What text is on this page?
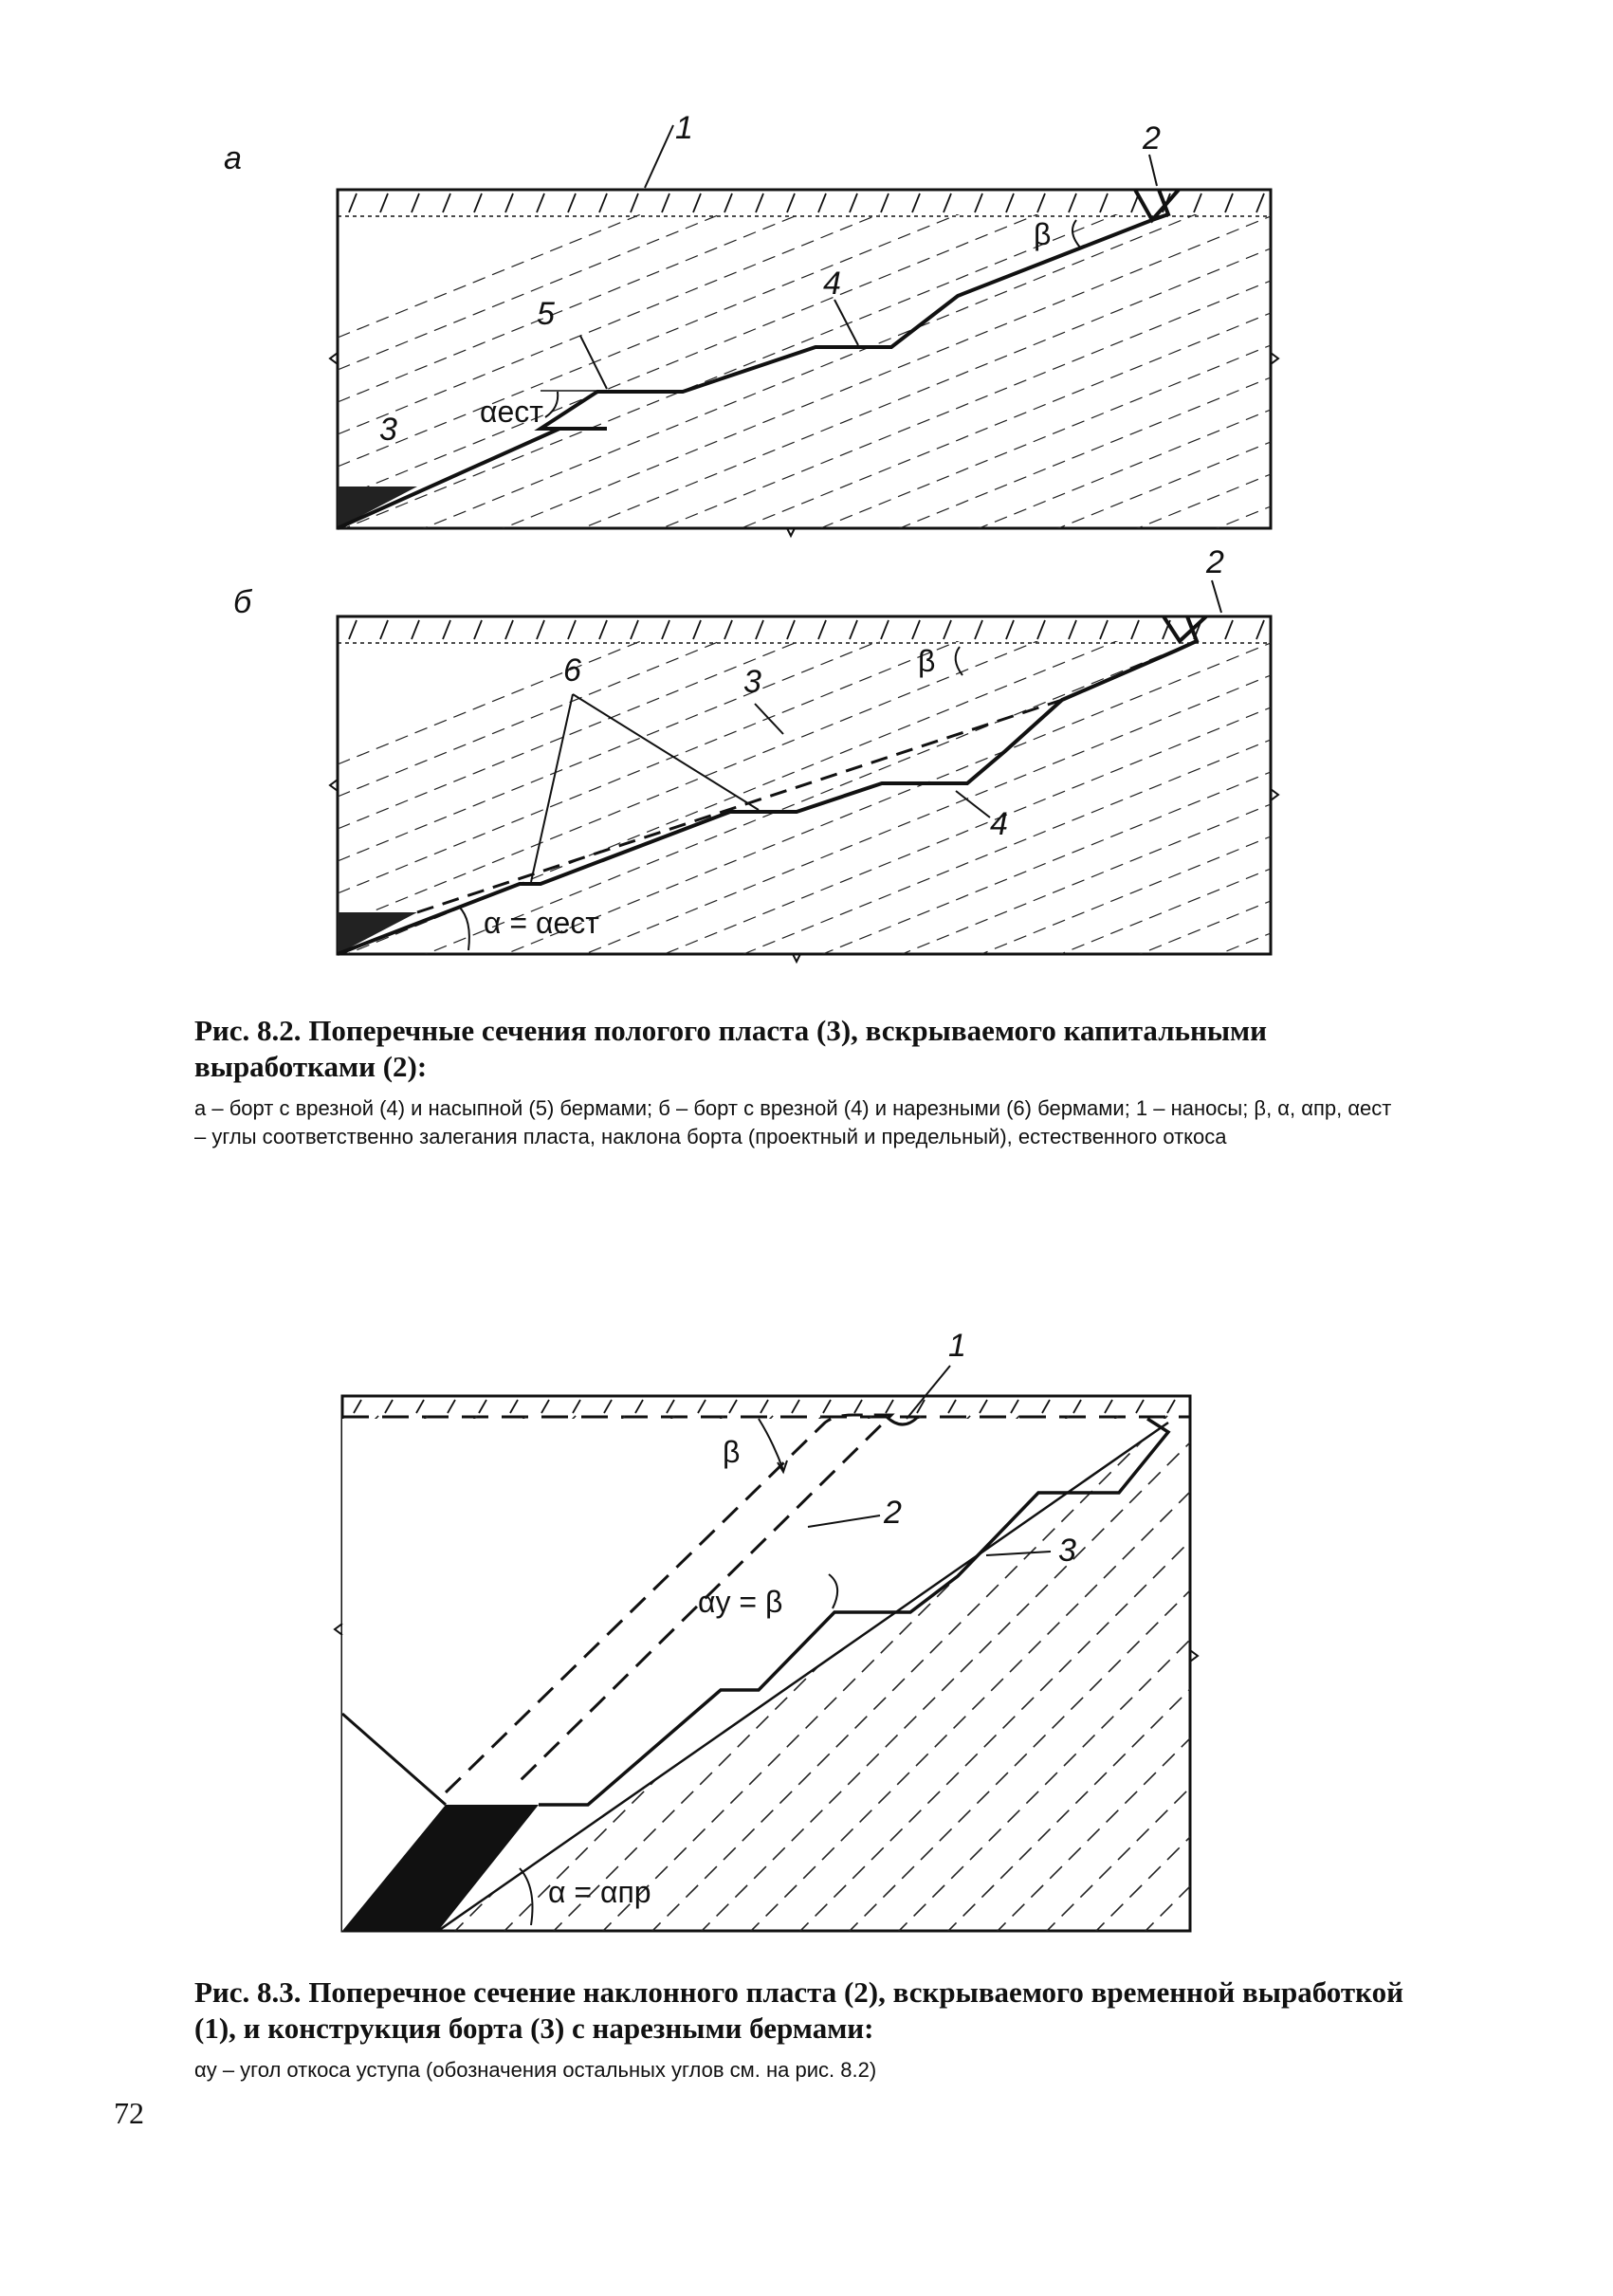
а
1	2
4
5
3
β
αест
б
2
6	3
4
β
α = αест
1
2
3
β
αу = β
α = αпр

Рис. 8.2. Поперечные сечения пологого пласта (3), вскрываемого капитальными выработками (2):

а – борт с врезной (4) и насыпной (5) бермами; б – борт с врезной (4) и нарезными (6) бермами; 1 – наносы; β, α, αпр, αест – углы соответственно залегания пласта, наклона борта (проектный и предельный), естественного откоса

Рис. 8.3. Поперечное сечение наклонного пласта (2), вскрываемого временной выработкой (1), и конструкция борта (3) с нарезными бермами:

αу – угол откоса уступа (обозначения остальных углов см. на рис. 8.2)

72
